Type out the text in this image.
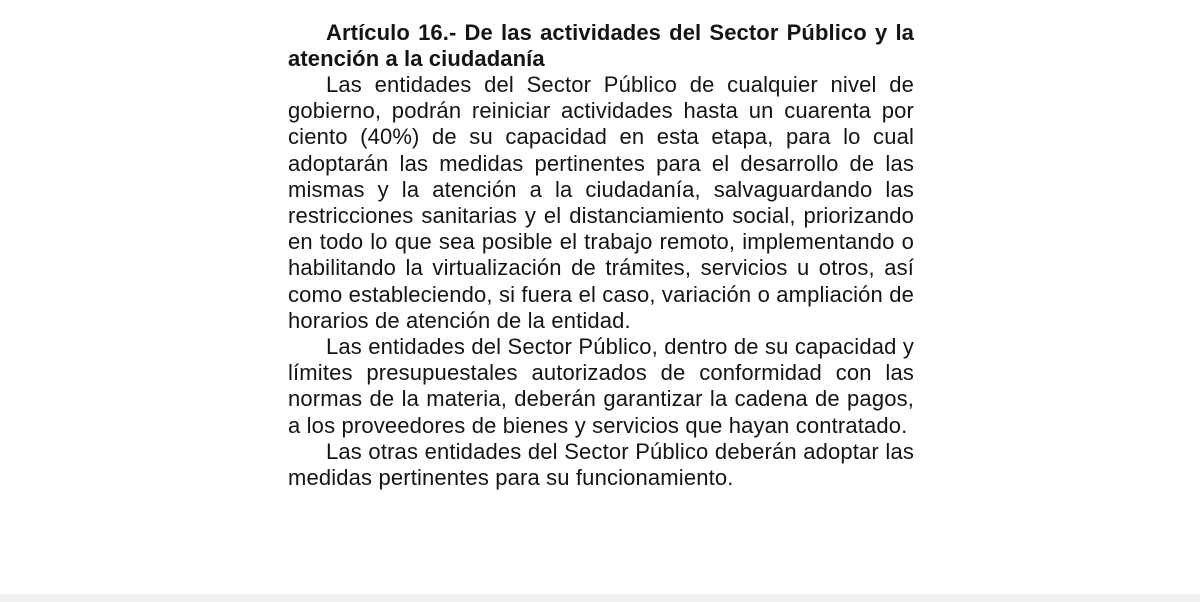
Artículo 16.- De las actividades del Sector Público y la atención a la ciudadanía

Las entidades del Sector Público de cualquier nivel de gobierno, podrán reiniciar actividades hasta un cuarenta por ciento (40%) de su capacidad en esta etapa, para lo cual adoptarán las medidas pertinentes para el desarrollo de las mismas y la atención a la ciudadanía, salvaguardando las restricciones sanitarias y el distanciamiento social, priorizando en todo lo que sea posible el trabajo remoto, implementando o habilitando la virtualización de trámites, servicios u otros, así como estableciendo, si fuera el caso, variación o ampliación de horarios de atención de la entidad.

Las entidades del Sector Público, dentro de su capacidad y límites presupuestales autorizados de conformidad con las normas de la materia, deberán garantizar la cadena de pagos, a los proveedores de bienes y servicios que hayan contratado.

Las otras entidades del Sector Público deberán adoptar las medidas pertinentes para su funcionamiento.
